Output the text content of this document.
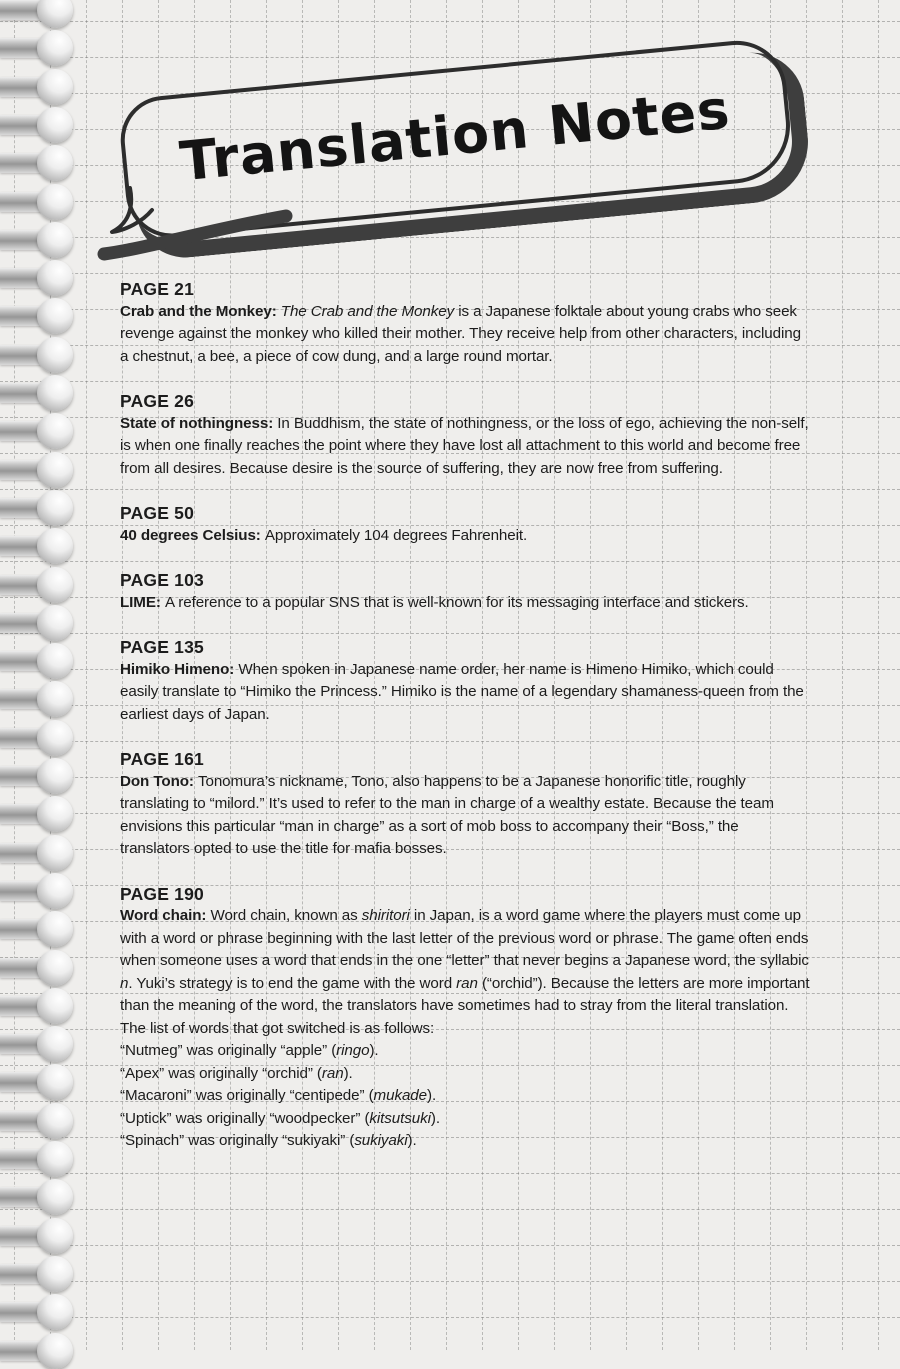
Translation Notes
PAGE 21
Crab and the Monkey: The Crab and the Monkey is a Japanese folktale about young crabs who seek revenge against the monkey who killed their mother. They receive help from other characters, including a chestnut, a bee, a piece of cow dung, and a large round mortar.
PAGE 26
State of nothingness: In Buddhism, the state of nothingness, or the loss of ego, achieving the non-self, is when one finally reaches the point where they have lost all attachment to this world and become free from all desires. Because desire is the source of suffering, they are now free from suffering.
PAGE 50
40 degrees Celsius: Approximately 104 degrees Fahrenheit.
PAGE 103
LIME: A reference to a popular SNS that is well-known for its messaging interface and stickers.
PAGE 135
Himiko Himeno: When spoken in Japanese name order, her name is Himeno Himiko, which could easily translate to “Himiko the Princess.” Himiko is the name of a legendary shamaness-queen from the earliest days of Japan.
PAGE 161
Don Tono: Tonomura’s nickname, Tono, also happens to be a Japanese honorific title, roughly translating to “milord.” It’s used to refer to the man in charge of a wealthy estate. Because the team envisions this particular “man in charge” as a sort of mob boss to accompany their “Boss,” the translators opted to use the title for mafia bosses.
PAGE 190
Word chain: Word chain, known as shiritori in Japan, is a word game where the players must come up with a word or phrase beginning with the last letter of the previous word or phrase. The game often ends when someone uses a word that ends in the one “letter” that never begins a Japanese word, the syllabic n. Yuki’s strategy is to end the game with the word ran (“orchid”). Because the letters are more important than the meaning of the word, the translators have sometimes had to stray from the literal translation. The list of words that got switched is as follows:
“Nutmeg” was originally “apple” (ringo).
“Apex” was originally “orchid” (ran).
“Macaroni” was originally “centipede” (mukade).
“Uptick” was originally “woodpecker” (kitsutsuki).
“Spinach” was originally “sukiyaki” (sukiyaki).
